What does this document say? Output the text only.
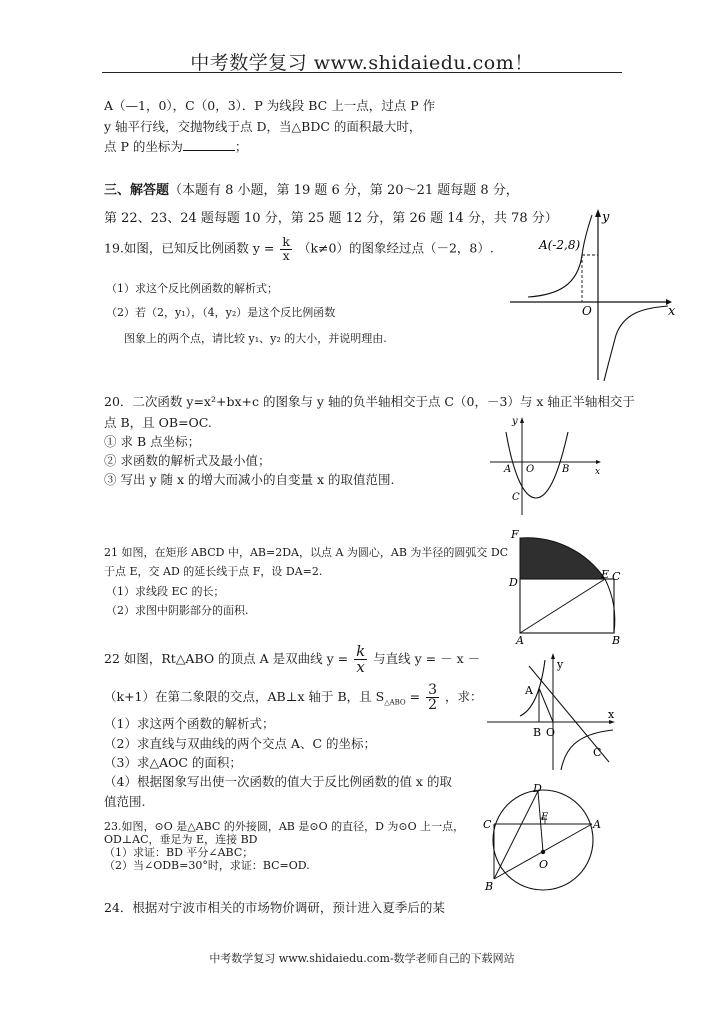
中考数学复习 www.shidaiedu.com！
A（—1，0），C（0，3）．P 为线段 BC 上一点，过点 P 作
y 轴平行线，交抛物线于点 D，当△BDC 的面积最大时，
点 P 的坐标为	；
三、解答题（本题有 8 小题，第 19 题 6 分，第 20～21 题每题 8 分，
第 22、23、24 题每题 10 分，第 25 题 12 分，第 26 题 14 分，共 78 分）
19.如图，已知反比例函数 $y = \frac{k}{x} (k\ne 0)$的图象经过点（－2，8）.
（1）求这个反比例函数的解析式；
（2）若（2，y₁），（4，y₂）是这个反比例函数
图象上的两个点，请比较 y₁、y₂ 的大小，并说明理由.
A(-2,8)
x
y
O
20．二次函数 y=x²+bx+c 的图象与 y 轴的负半轴相交于点 C（0，－3）与 x 轴正半轴相交于
点 B，且 OB=OC.
① 求 B 点坐标；
② 求函数的解析式及最小值；
③ 写出 y 随 x 的增大而减小的自变量 x 的取值范围.
y
x
A O	B
C
21 如图，在矩形 ABCD 中，AB=2DA，以点 A 为圆心，AB 为半径的圆弧交 DC
于点 E，交 AD 的延长线于点 F，设 DA=2.
（1）求线段 EC 的长；
（2）求图中阴影部分的面积.
F
D
E C
A	B
22 如图，Rt△ABO 的顶点 A 是双曲线 $y = \frac{k}{x}$ 与直线 y = － x －
（k+1）在第二象限的交点，AB⊥x 轴于 B，且 $S_{\triangle ABO} = \frac{3}{2}$ ，求：
（1）求这两个函数的解析式；
（2）求直线与双曲线的两个交点 A、C 的坐标；
（3）求△AOC 的面积；
（4）根据图象写出使一次函数的值大于反比例函数的值 x 的取
值范围.
y
x
A
B O
C
23.如图，⊙O 是△ABC 的外接圆，AB 是⊙O 的直径，D 为⊙O 上一点，
OD⊥AC，垂足为 E，连接 BD
（1）求证：BD 平分∠ABC；
（2）当∠ODB=30°时，求证：BC=OD.
D
C
E
A
O
B
24．根据对宁波市相关的市场物价调研，预计进入夏季后的某
中考数学复习 www.shidaiedu.com-数学老师自己的下载网站
